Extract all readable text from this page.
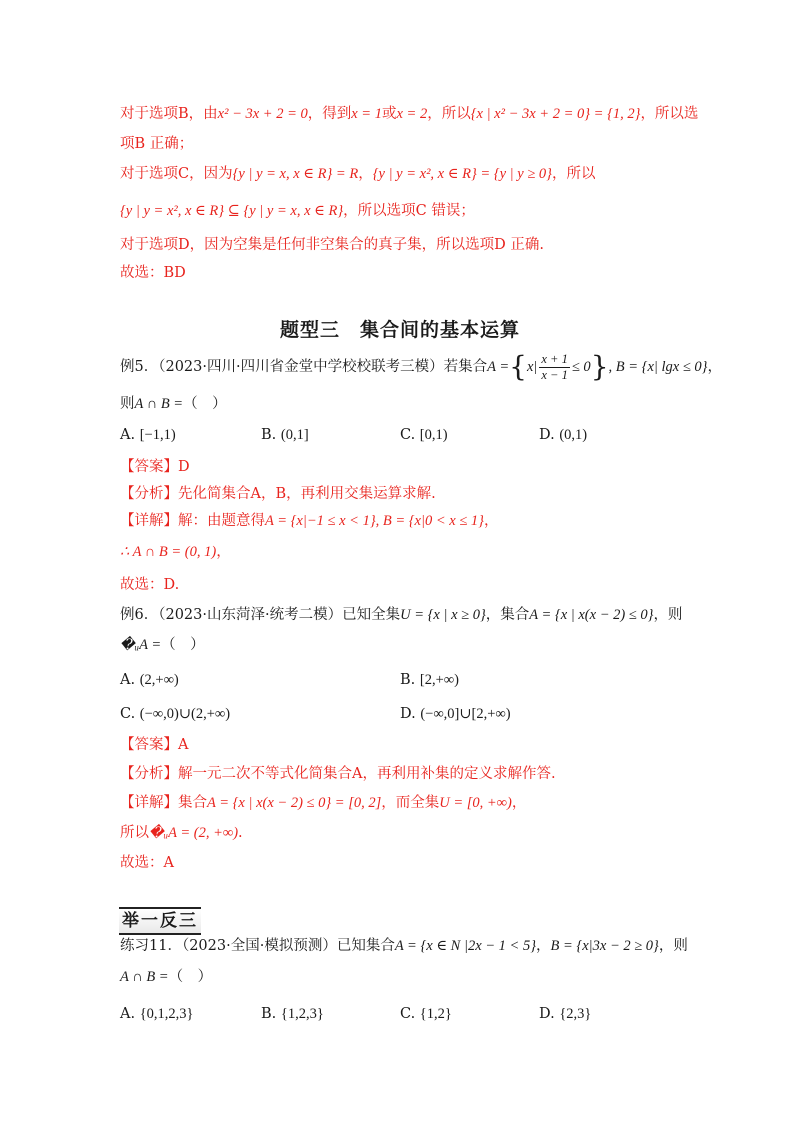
对于选项B，由x² − 3x + 2 = 0，得到x = 1或x = 2，所以{x | x² − 3x + 2 = 0} = {1, 2}，所以选
项B 正确；
对于选项C，因为{y | y = x, x ∈ R} = R，{y | y = x², x ∈ R} = {y | y ≥ 0}，所以
{y | y = x², x ∈ R} ⊆ {y | y = x, x ∈ R}，所以选项C 错误；
对于选项D，因为空集是任何非空集合的真子集，所以选项D 正确.
故选：BD
题型三　集合间的基本运算
例5．（2023·四川·四川省金堂中学校校联考三模）若集合$A =\{x| \frac{x + 1}{x - 1} \le 0\}$, B = {x| lgx ≤ 0}，
则A ∩ B =（　）
A. [−1,1)	B. (0,1]	C. [0,1)	D. (0,1)
【答案】D
【分析】先化简集合A，B，再利用交集运算求解.
【详解】解：由题意得A = {x|−1 ≤ x < 1}, B = {x|0 < x ≤ 1}，
∴ A ∩ B = (0, 1)，
故选：D.
例6．（2023·山东菏泽·统考二模）已知全集U = {x | x ≥ 0}，集合A = {x | x(x − 2) ≤ 0}，则
�ᵤA =（　）
A. (2,+∞)	B. [2,+∞)
C. (−∞,0)∪(2,+∞)	D. (−∞,0]∪[2,+∞)
【答案】A
【分析】解一元二次不等式化简集合A，再利用补集的定义求解作答.
【详解】集合A = {x | x(x − 2) ≤ 0} = [0, 2]，而全集U = [0, +∞)，
所以�ᵤA = (2, +∞).
故选：A
举一反三
练习11．（2023·全国·模拟预测）已知集合A = {x ∈ N |2x − 1 < 5}，B = {x|3x − 2 ≥ 0}，则
A ∩ B =（　）
A. {0,1,2,3}	B. {1,2,3}	C. {1,2}	D. {2,3}
